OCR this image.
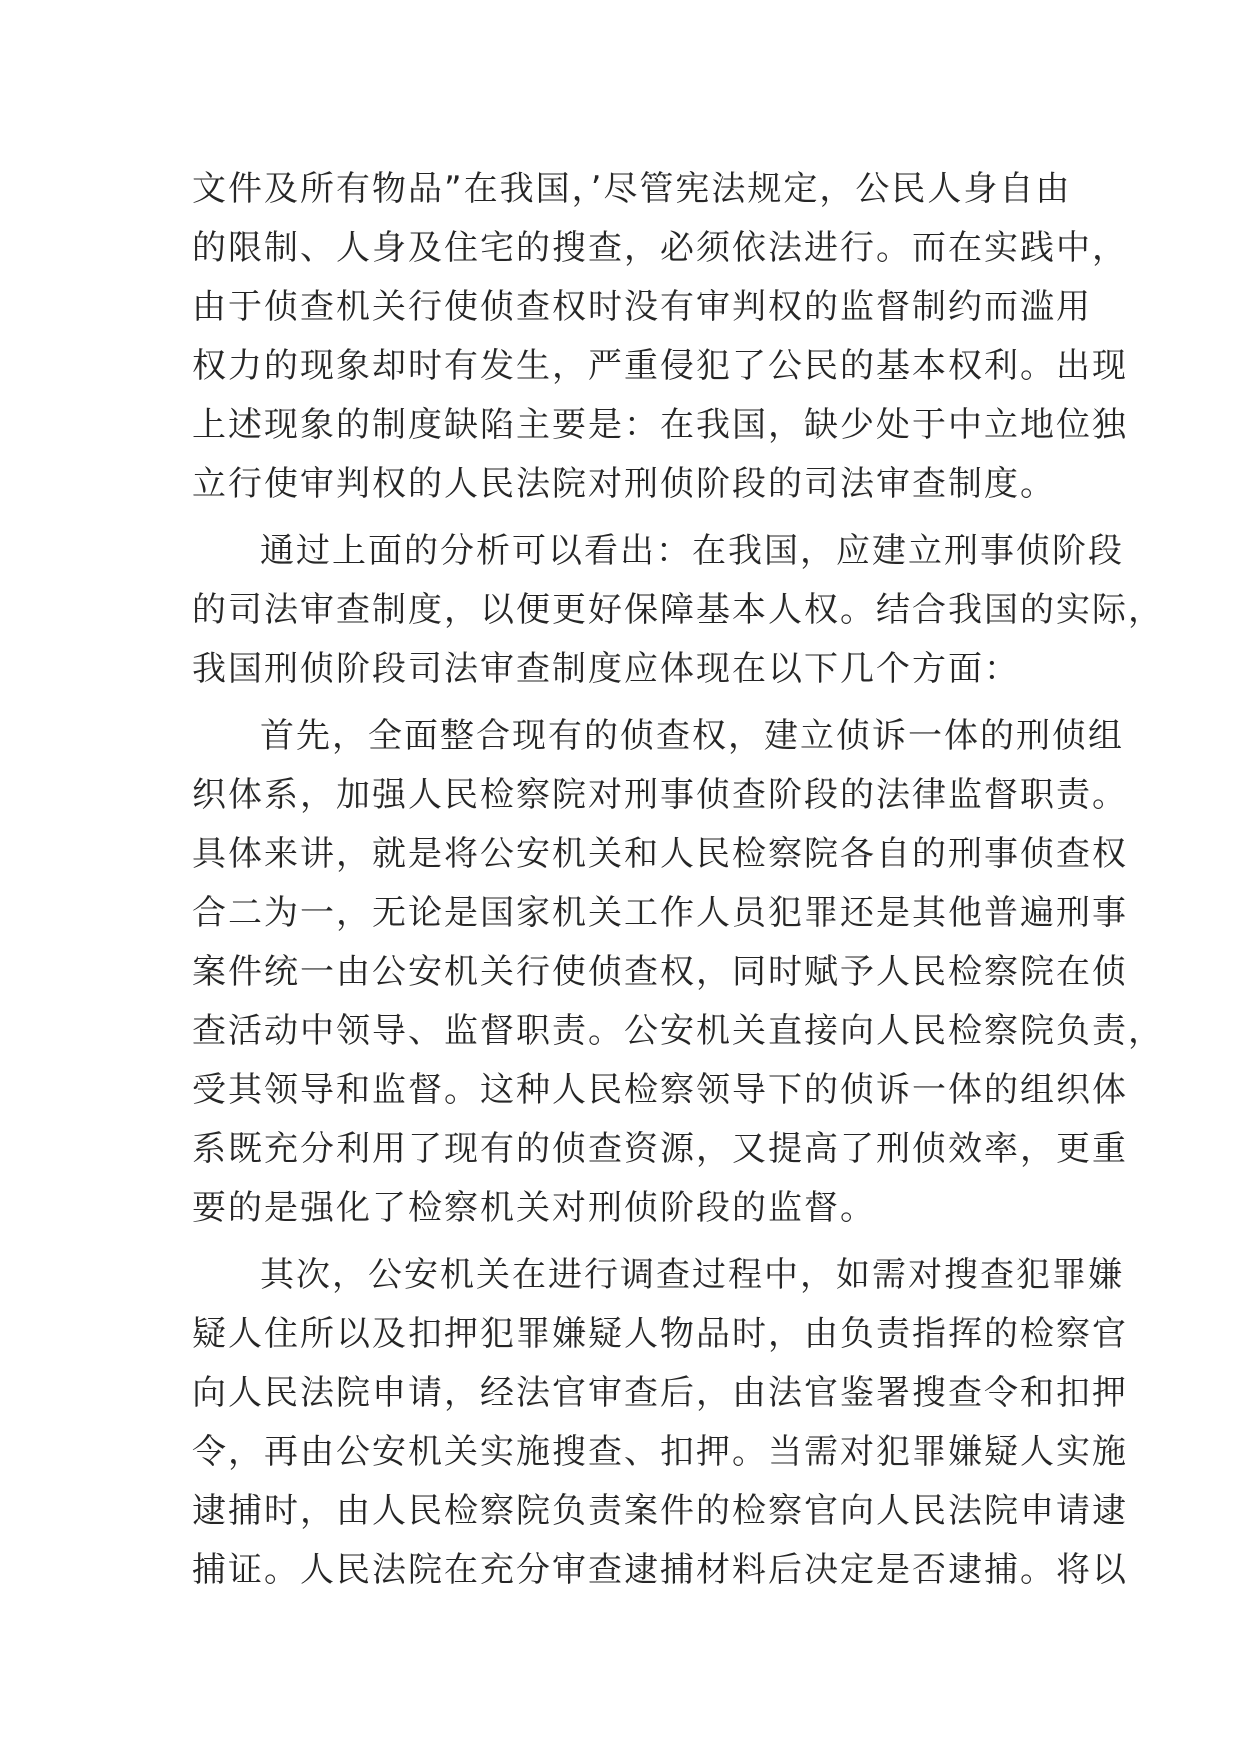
文件及所有物品”在我国，’尽管宪法规定，公民人身自由
的限制、人身及住宅的搜查，必须依法进行。而在实践中，
由于侦查机关行使侦查权时没有审判权的监督制约而滥用
权力的现象却时有发生，严重侵犯了公民的基本权利。出现
上述现象的制度缺陷主要是：在我国，缺少处于中立地位独
立行使审判权的人民法院对刑侦阶段的司法审查制度。
通过上面的分析可以看出：在我国，应建立刑事侦阶段
的司法审查制度，以便更好保障基本人权。结合我国的实际，
我国刑侦阶段司法审查制度应体现在以下几个方面：
首先，全面整合现有的侦查权，建立侦诉一体的刑侦组
织体系，加强人民检察院对刑事侦查阶段的法律监督职责。
具体来讲，就是将公安机关和人民检察院各自的刑事侦查权
合二为一，无论是国家机关工作人员犯罪还是其他普遍刑事
案件统一由公安机关行使侦查权，同时赋予人民检察院在侦
查活动中领导、监督职责。公安机关直接向人民检察院负责，
受其领导和监督。这种人民检察领导下的侦诉一体的组织体
系既充分利用了现有的侦查资源，又提高了刑侦效率，更重
要的是强化了检察机关对刑侦阶段的监督。
其次，公安机关在进行调查过程中，如需对搜查犯罪嫌
疑人住所以及扣押犯罪嫌疑人物品时，由负责指挥的检察官
向人民法院申请，经法官审查后，由法官鉴署搜查令和扣押
令，再由公安机关实施搜查、扣押。当需对犯罪嫌疑人实施
逮捕时，由人民检察院负责案件的检察官向人民法院申请逮
捕证。人民法院在充分审查逮捕材料后决定是否逮捕。将以
